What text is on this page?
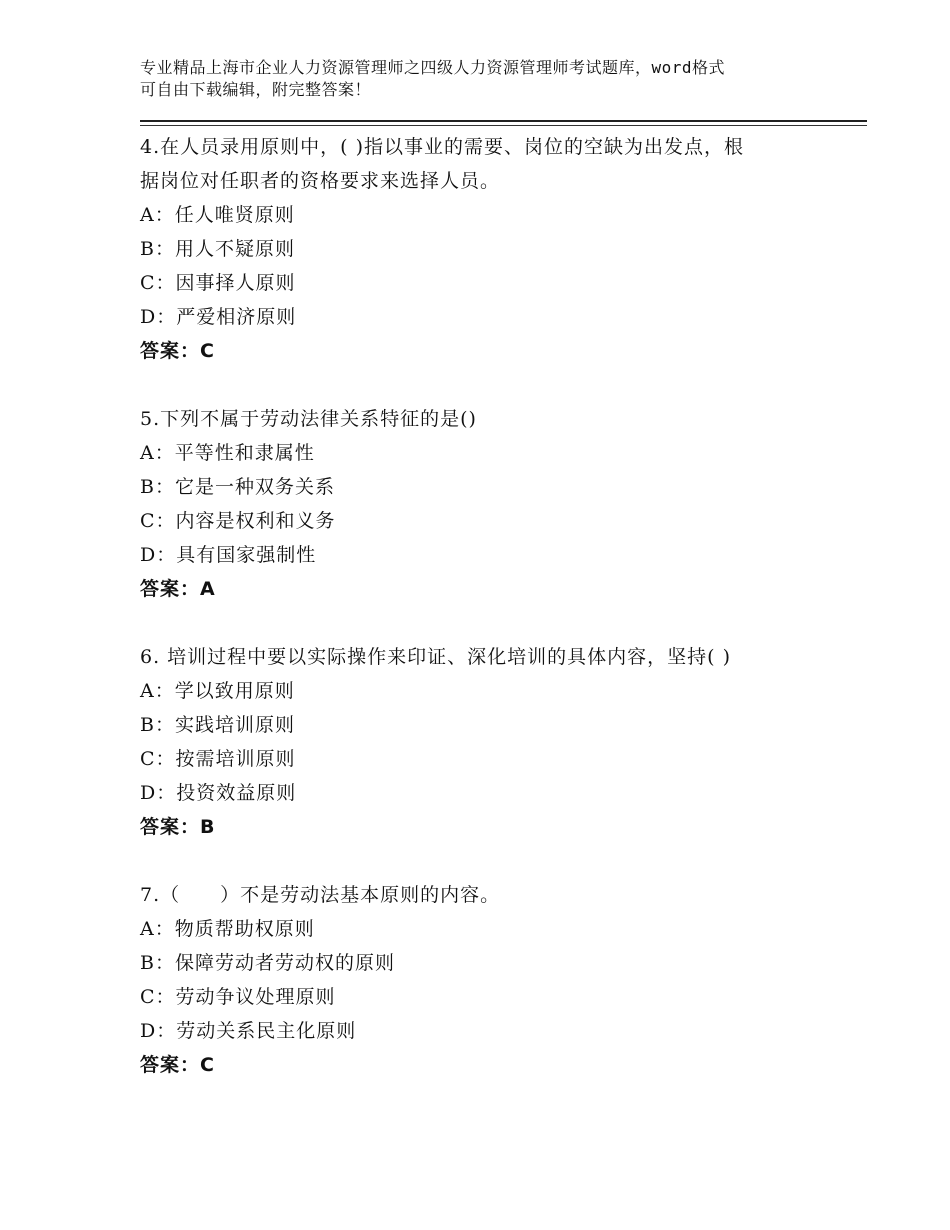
专业精品上海市企业人力资源管理师之四级人力资源管理师考试题库，word格式
可自由下载编辑，附完整答案！
4.在人员录用原则中，( )指以事业的需要、岗位的空缺为出发点，根
据岗位对任职者的资格要求来选择人员。
A：任人唯贤原则
B：用人不疑原则
C：因事择人原则
D：严爱相济原则
答案：C
5.下列不属于劳动法律关系特征的是()
A：平等性和隶属性
B：它是一种双务关系
C：内容是权利和义务
D：具有国家强制性
答案：A
6. 培训过程中要以实际操作来印证、深化培训的具体内容，坚持( )
A：学以致用原则
B：实践培训原则
C：按需培训原则
D：投资效益原则
答案：B
7.（　　）不是劳动法基本原则的内容。
A：物质帮助权原则
B：保障劳动者劳动权的原则
C：劳动争议处理原则
D：劳动关系民主化原则
答案：C
